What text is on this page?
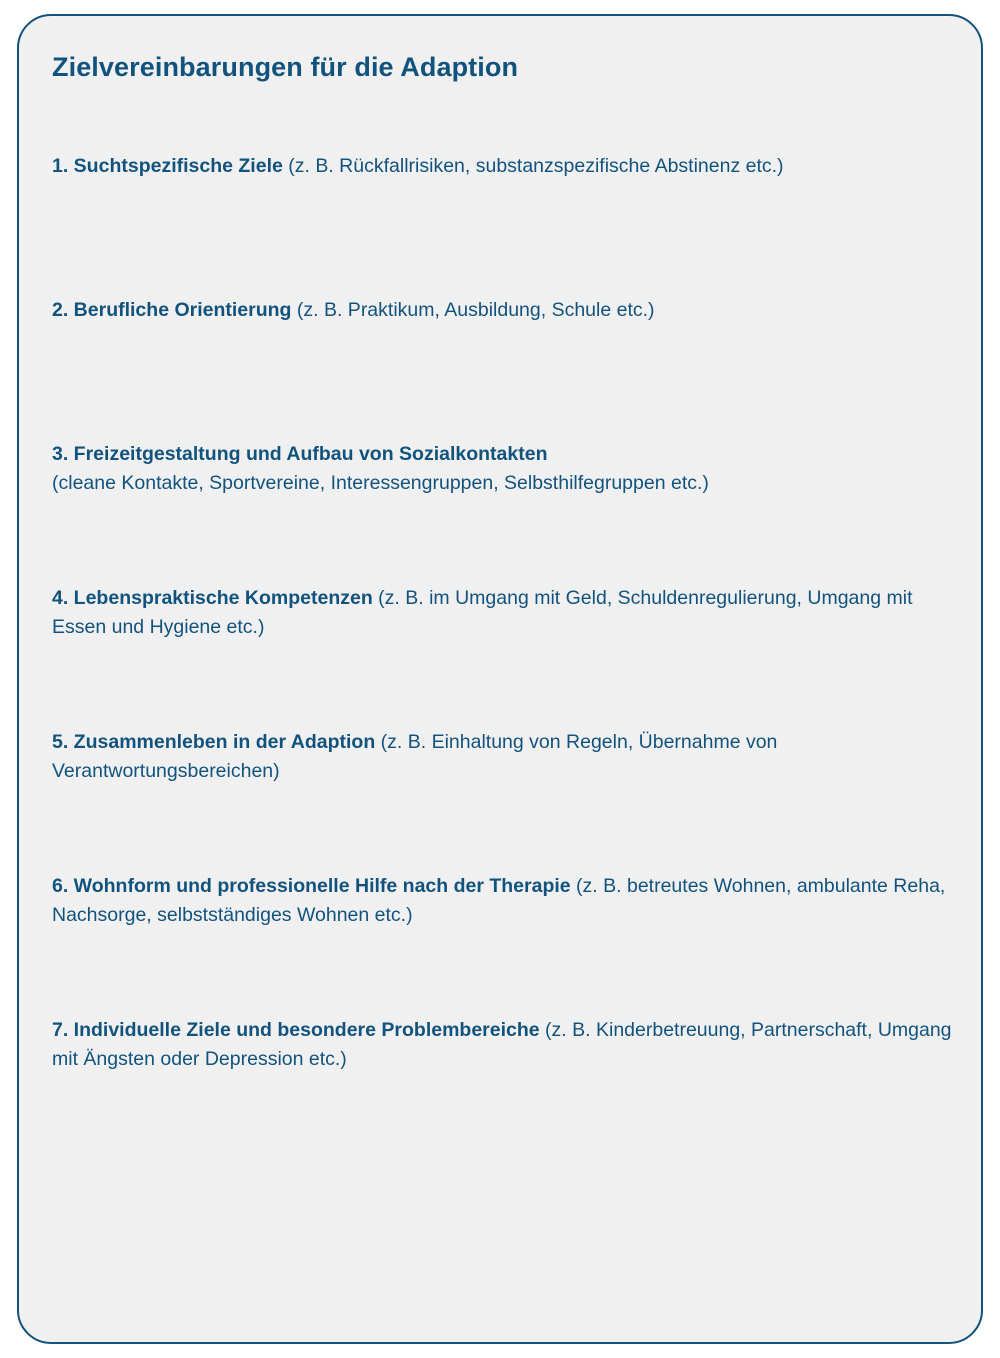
Zielvereinbarungen für die Adaption

1. Suchtspezifische Ziele (z. B. Rückfallrisiken, substanzspezifische Abstinenz etc.)

2. Berufliche Orientierung (z. B. Praktikum, Ausbildung, Schule etc.)

3. Freizeitgestaltung und Aufbau von Sozialkontakten
(cleane Kontakte, Sportvereine, Interessengruppen, Selbsthilfegruppen etc.)

4. Lebenspraktische Kompetenzen (z. B. im Umgang mit Geld, Schuldenregulierung, Umgang mit Essen und Hygiene etc.)

5. Zusammenleben in der Adaption (z. B. Einhaltung von Regeln, Übernahme von Verantwortungsbereichen)

6. Wohnform und professionelle Hilfe nach der Therapie (z. B. betreutes Wohnen, ambulante Reha, Nachsorge, selbstständiges Wohnen etc.)

7. Individuelle Ziele und besondere Problembereiche (z. B. Kinderbetreuung, Partnerschaft, Umgang mit Ängsten oder Depression etc.)
